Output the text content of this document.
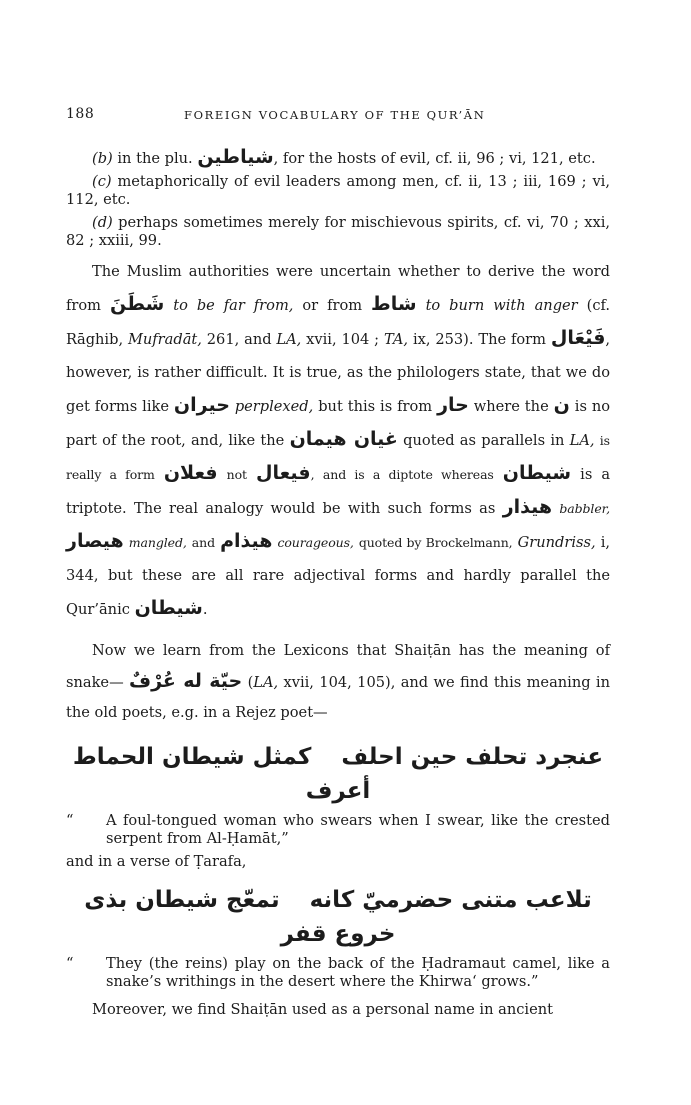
188	FOREIGN VOCABULARY OF THE QUR’ĀN

(b) in the plu. شياطين, for the hosts of evil, cf. ii, 96 ; vi, 121, etc.

(c) metaphorically of evil leaders among men, cf. ii, 13 ; iii, 169 ; vi, 112, etc.

(d) perhaps sometimes merely for mischievous spirits, cf. vi, 70 ; xxi, 82 ; xxiii, 99.

The Muslim authorities were uncertain whether to derive the word from شَطَنَ to be far from, or from شاط to burn with anger (cf. Rāghib, Mufradāt, 261, and LA, xvii, 104 ; TA, ix, 253). The form فَيْعَال, however, is rather difficult. It is true, as the philologers state, that we do get forms like حيران perplexed, but this is from حار where the ن is no part of the root, and, like the غيان هيمان quoted as parallels in LA, is really a form فعلان not فيعال, and is a diptote whereas شيطان is a triptote. The real analogy would be with such forms as هيذار babbler, هيصار mangled, and هيذام courageous, quoted by Brockelmann, Grundriss, i, 344, but these are all rare adjectival forms and hardly parallel the Qur’ānic شيطان.

Now we learn from the Lexicons that Shaiṭān has the meaning of snake— حيّة له عُرْفٌ (LA, xvii, 104, 105), and we find this meaning in the old poets, e.g. in a Rejez poet—

عنجرد تحلف حين احلفكمثل شيطان الحماط أعرف

“ A foul-tongued woman who swears when I swear, like the crested serpent from Al-Ḥamāt,”

and in a verse of Ṭarafa,

تلاعب متنى حضرميّ كانهتمعّج شيطان بذى خروع قفر

“ They (the reins) play on the back of the Ḥadramaut camel, like a snake’s writhings in the desert where the Khirwa‘ grows.”

Moreover, we find Shaiṭān used as a personal name in ancient
